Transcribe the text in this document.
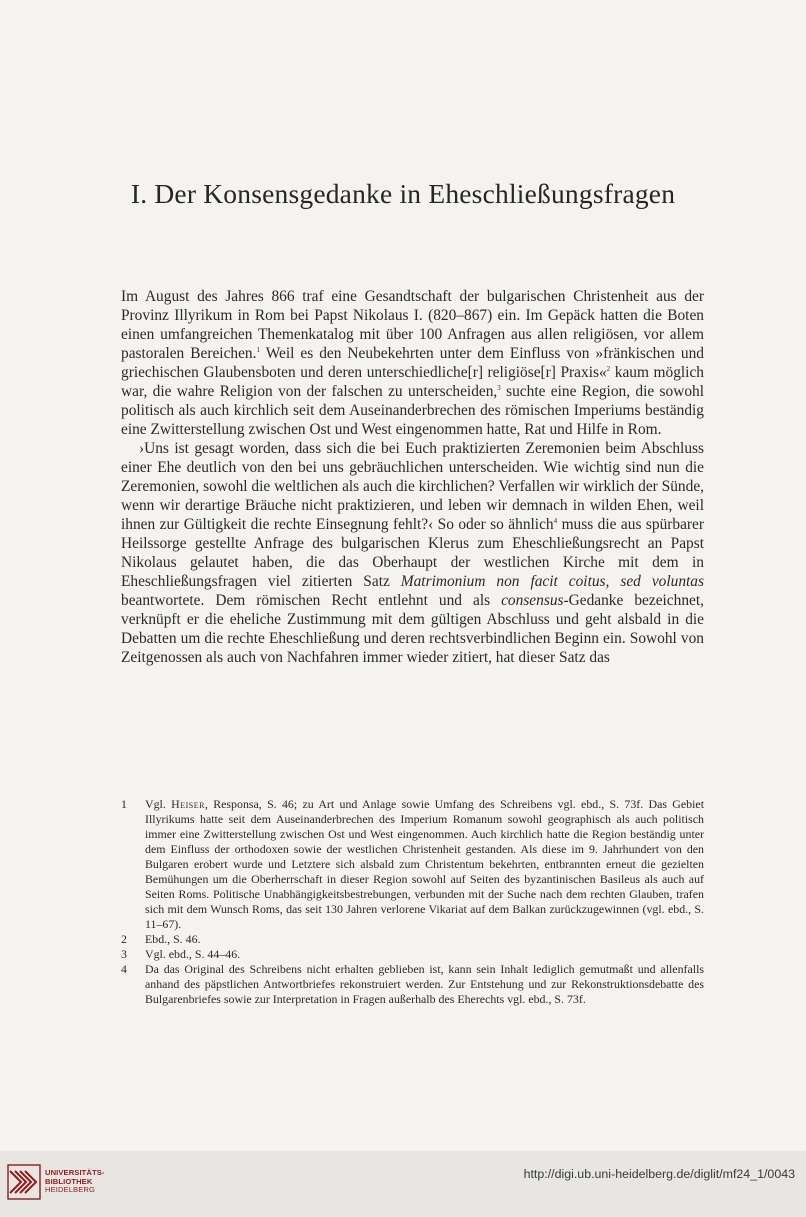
I. Der Konsensgedanke in Eheschließungsfragen

Im August des Jahres 866 traf eine Gesandtschaft der bulgarischen Christenheit aus der Provinz Illyrikum in Rom bei Papst Nikolaus I. (820–867) ein. Im Gepäck hatten die Boten einen umfangreichen Themenkatalog mit über 100 Anfragen aus allen religiösen, vor allem pastoralen Bereichen.$^1$ Weil es den Neubekehrten unter dem Einfluss von »fränkischen und griechischen Glaubensboten und deren unterschiedliche[r] religiöse[r] Praxis«$^2$ kaum möglich war, die wahre Religion von der falschen zu unterscheiden,$^3$ suchte eine Region, die sowohl politisch als auch kirchlich seit dem Auseinanderbrechen des römischen Imperiums beständig eine Zwitterstellung zwischen Ost und West eingenommen hatte, Rat und Hilfe in Rom.

›Uns ist gesagt worden, dass sich die bei Euch praktizierten Zeremonien beim Abschluss einer Ehe deutlich von den bei uns gebräuchlichen unterscheiden. Wie wichtig sind nun die Zeremonien, sowohl die weltlichen als auch die kirchlichen? Verfallen wir wirklich der Sünde, wenn wir derartige Bräuche nicht praktizieren, und leben wir demnach in wilden Ehen, weil ihnen zur Gültigkeit die rechte Einsegnung fehlt?‹ So oder so ähnlich$^4$ muss die aus spürbarer Heilssorge gestellte Anfrage des bulgarischen Klerus zum Eheschließungsrecht an Papst Nikolaus gelautet haben, die das Oberhaupt der westlichen Kirche mit dem in Eheschließungsfragen viel zitierten Satz Matrimonium non facit coitus, sed voluntas beantwortete. Dem römischen Recht entlehnt und als consensus-Gedanke bezeichnet, verknüpft er die eheliche Zustimmung mit dem gültigen Abschluss und geht alsbald in die Debatten um die rechte Eheschließung und deren rechtsverbindlichen Beginn ein. Sowohl von Zeitgenossen als auch von Nachfahren immer wieder zitiert, hat dieser Satz das

1	Vgl. Heiser, Responsa, S. 46; zu Art und Anlage sowie Umfang des Schreibens vgl. ebd., S. 73f. Das Gebiet Illyrikums hatte seit dem Auseinanderbrechen des Imperium Romanum sowohl geographisch als auch politisch immer eine Zwitterstellung zwischen Ost und West eingenommen. Auch kirchlich hatte die Region beständig unter dem Einfluss der orthodoxen sowie der westlichen Christenheit gestanden. Als diese im 9. Jahrhundert von den Bulgaren erobert wurde und Letztere sich alsbald zum Christentum bekehrten, entbrannten erneut die gezielten Bemühungen um die Oberherrschaft in dieser Region sowohl auf Seiten des byzantinischen Basileus als auch auf Seiten Roms. Politische Unabhängigkeitsbestrebungen, verbunden mit der Suche nach dem rechten Glauben, trafen sich mit dem Wunsch Roms, das seit 130 Jahren verlorene Vikariat auf dem Balkan zurückzugewinnen (vgl. ebd., S. 11–67).
2	Ebd., S. 46.
3	Vgl. ebd., S. 44–46.
4	Da das Original des Schreibens nicht erhalten geblieben ist, kann sein Inhalt lediglich gemutmaßt und allenfalls anhand des päpstlichen Antwortbriefes rekonstruiert werden. Zur Entstehung und zur Rekonstruktionsdebatte des Bulgarenbriefes sowie zur Interpretation in Fragen außerhalb des Eherechts vgl. ebd., S. 73f.
UNIVERSITÄTS-
BIBLIOTHEK
HEIDELBERG
http://digi.ub.uni-heidelberg.de/diglit/mf24_1/0043
